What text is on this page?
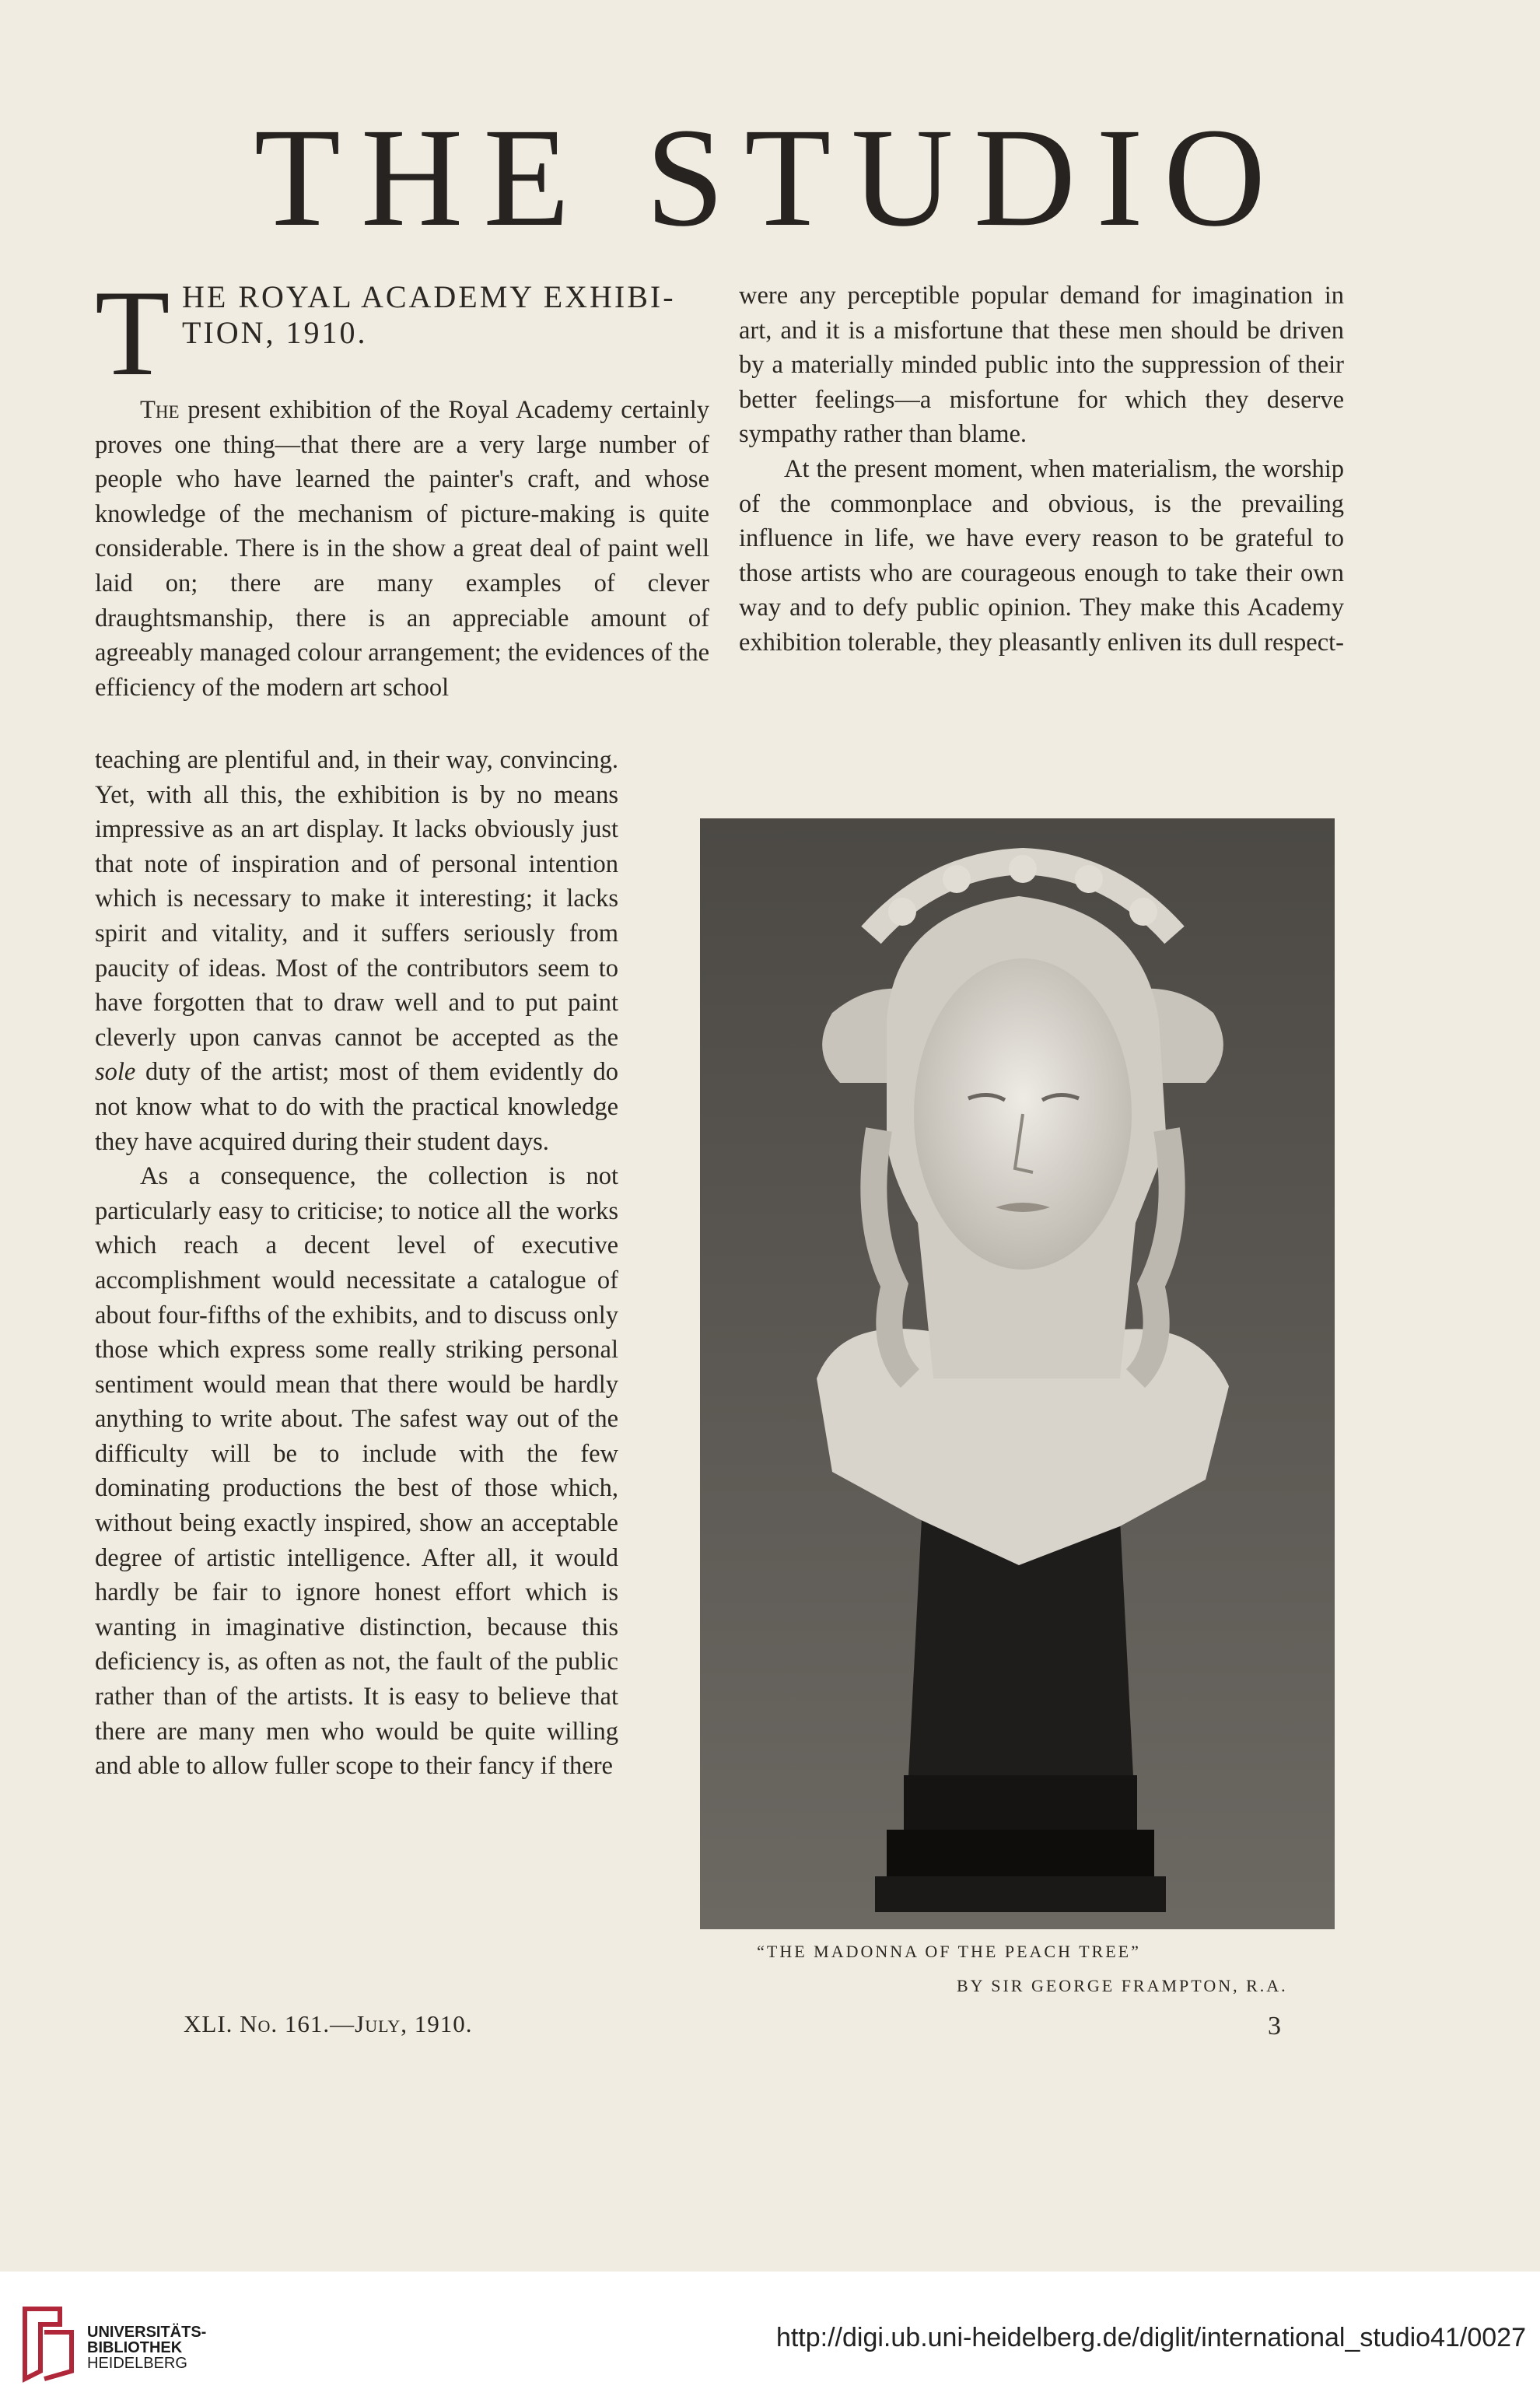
THE STUDIO
T HE ROYAL ACADEMY EXHIBI-
TION, 1910.

The present exhibition of the Royal Academy certainly proves one thing—that there are a very large number of people who have learned the painter's craft, and whose knowledge of the mechanism of picture-making is quite considerable. There is in the show a great deal of paint well laid on; there are many examples of clever draughtsmanship, there is an appreciable amount of agreeably managed colour arrangement; the evidences of the efficiency of the modern art school

teaching are plentiful and, in their way, convincing. Yet, with all this, the exhibition is by no means impressive as an art display. It lacks obviously just that note of inspiration and of personal intention which is necessary to make it interesting; it lacks spirit and vitality, and it suffers seriously from paucity of ideas. Most of the contributors seem to have forgotten that to draw well and to put paint cleverly upon canvas cannot be accepted as the sole duty of the artist; most of them evidently do not know what to do with the practical knowledge they have acquired during their student days.

As a consequence, the collection is not particularly easy to criticise; to notice all the works which reach a decent level of executive accomplishment would necessitate a catalogue of about four-fifths of the exhibits, and to discuss only those which express some really striking personal sentiment would mean that there would be hardly anything to write about. The safest way out of the difficulty will be to include with the few dominating productions the best of those which, without being exactly inspired, show an acceptable degree of artistic intelligence. After all, it would hardly be fair to ignore honest effort which is wanting in imaginative distinction, because this deficiency is, as often as not, the fault of the public rather than of the artists. It is easy to believe that there are many men who would be quite willing and able to allow fuller scope to their fancy if there

were any perceptible popular demand for imagination in art, and it is a misfortune that these men should be driven by a materially minded public into the suppression of their better feelings—a misfortune for which they deserve sympathy rather than blame.

At the present moment, when materialism, the worship of the commonplace and obvious, is the prevailing influence in life, we have every reason to be grateful to those artists who are courageous enough to take their own way and to defy public opinion. They make this Academy exhibition tolerable, they pleasantly enliven its dull respect-

“THE MADONNA OF THE PEACH TREE”
BY SIR GEORGE FRAMPTON, R.A.
XLI. No. 161.—July, 1910.	3
UNIVERSITÄTS-
BIBLIOTHEK
HEIDELBERG
http://digi.ub.uni-heidelberg.de/diglit/international_studio41/0027
